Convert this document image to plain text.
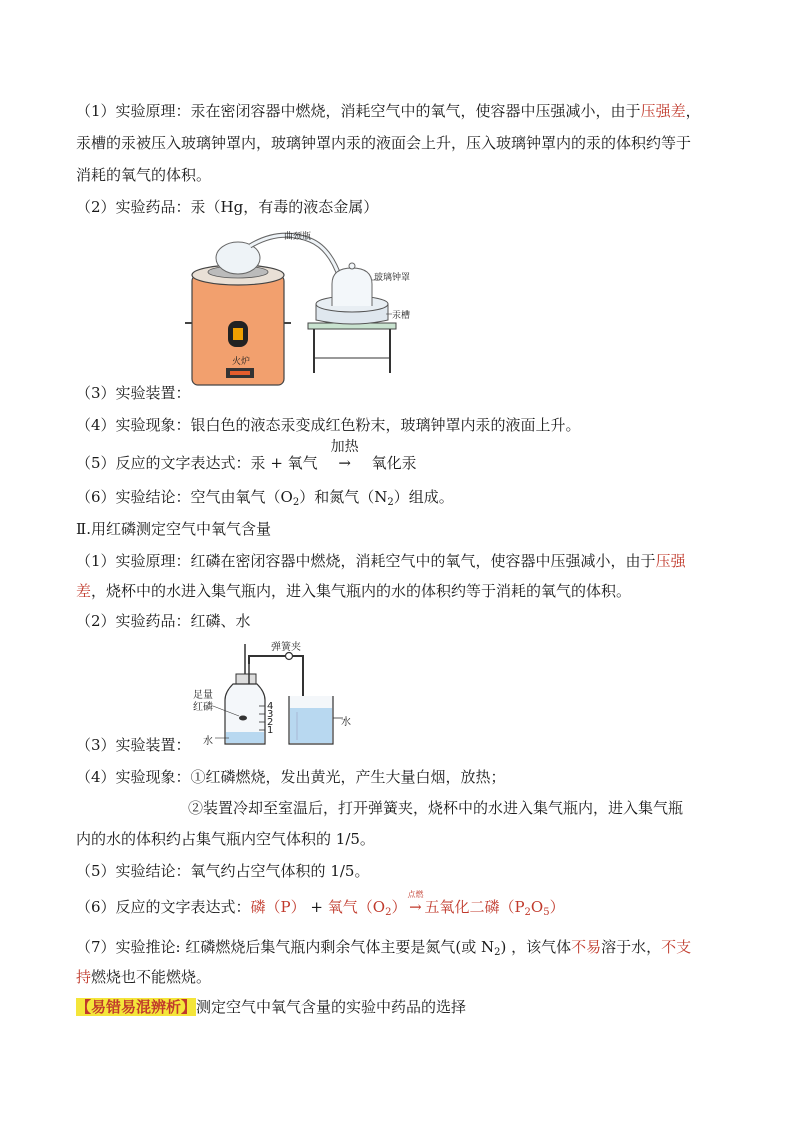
（1）实验原理：汞在密闭容器中燃烧，消耗空气中的氧气，使容器中压强减小，由于压强差，
汞槽的汞被压入玻璃钟罩内，玻璃钟罩内汞的液面会上升，压入玻璃钟罩内的汞的体积约等于
消耗的氧气的体积。
（2）实验药品：汞（Hg，有毒的液态金属）
火炉
曲颈瓶
玻璃钟罩
汞槽
（3）实验装置：
（4）实验现象：银白色的液态汞变成红色粉末，玻璃钟罩内汞的液面上升。
（5）反应的文字表达式：汞 + 氧气
加热
→ 氧化汞
（6）实验结论：空气由氧气$(O_2)$和氮气$(N_2)$组成。
Ⅱ.用红磷测定空气中氧气含量
（1）实验原理：红磷在密闭容器中燃烧，消耗空气中的氧气，使容器中压强减小，由于压强
差，烧杯中的水进入集气瓶内，进入集气瓶内的水的体积约等于消耗的氧气的体积。
（2）实验药品：红磷、水
4
3
2
1
弹簧夹
水
足量
红磷
水
（3）实验装置：
（4）实验现象：①红磷燃烧，发出黄光，产生大量白烟，放热；
②装置冷却至室温后，打开弹簧夹，烧杯中的水进入集气瓶内，进入集气瓶
内的水的体积约占集气瓶内空气体积的 1/5。
（5）实验结论：氧气约占空气体积的 1/5。
（6）反应的文字表达式：磷（P） + 氧气$(O_2)$
点燃
→ 五氧化二磷$(P_2O_5)$
（7）实验推论: 红磷燃烧后集气瓶内剩余气体主要是氮气(或 $N_2$) ，该气体不易溶于水，不支
持燃烧也不能燃烧。
【易错易混辨析】测定空气中氧气含量的实验中药品的选择
